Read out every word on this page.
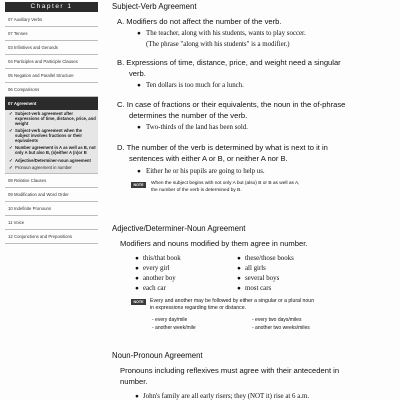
Chapter 1
07 Auxiliary Verbs
07 Tenses
03 Infinitives and Gerunds
04 Participles and Participle Clauses
05 Negation and Parallel Structure
06 Comparisons
07 Agreement
✓ Subject-verb agreement after expressions of time, distance, price, and weight
✓ Subject-verb agreement when the subject involves fractions or their equivalents
✓ Number agreement in A as well as B, not only A but also B, (n)either A (n)or B
✓ Adjective/Determiner-noun agreement
✓ Pronoun agreement in number
08 Relative Clauses
09 Modification and Word Order
10 Indefinite Pronouns
11 Voice
12 Conjunctions and Prepositions
Subject-Verb Agreement
A. Modifiers do not affect the number of the verb.
● The teacher, along with his students, wants to play soccer.
(The phrase "along with his students" is a modifier.)
B. Expressions of time, distance, price, and weight need a singular
verb.
● Ten dollars is too much for a lunch.
C. In case of fractions or their equivalents, the noun in the of-phrase
determines the number of the verb.
● Two-thirds of the land has been sold.
D. The number of the verb is determined by what is next to it in
sentences with either A or B, or neither A nor B.
● Either he or his pupils are going to help us.
NOTE	When the subject begins with not only A but (also) B or B as well as A,
the number of the verb is determined by B.
Adjective/Determiner-Noun Agreement
Modifiers and nouns modified by them agree in number.
● this/that book	● these/those books
● every girl	● all girls
● another boy	● several boys
● each car	● most cars
NOTE	Every and another may be followed by either a singular or a plural noun
in expressions regarding time or distance.
- every day/mile	- every two days/miles
- another week/mile	- another two weeks/miles
Noun-Pronoun Agreement
Pronouns including reflexives must agree with their antecedent in
number.
● John's family are all early risers; they (NOT it) rise at 6 a.m.
